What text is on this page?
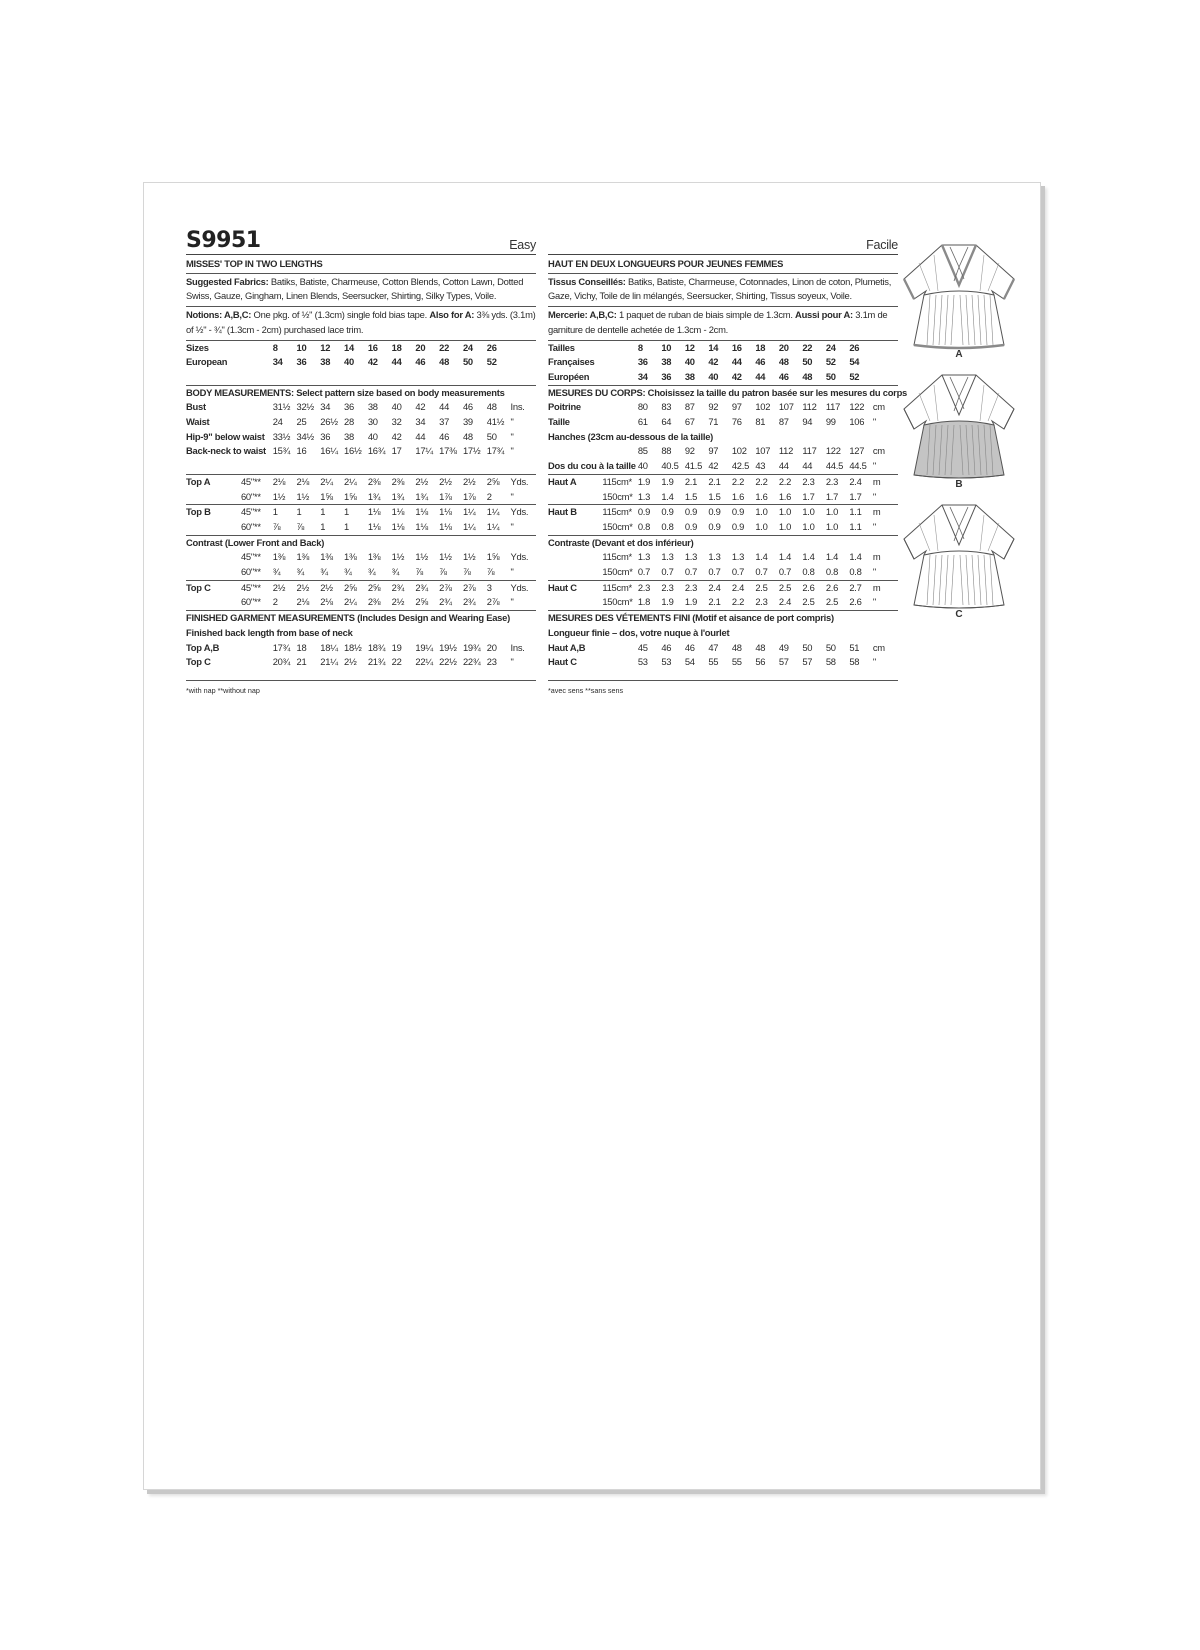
S9951	Easy
MISSES' TOP IN TWO LENGTHS
Suggested Fabrics: Batiks, Batiste, Charmeuse, Cotton Blends, Cotton Lawn, Dotted Swiss, Gauze, Gingham, Linen Blends, Seersucker, Shirting, Silky Types, Voile.
Notions: A,B,C: One pkg. of ½" (1.3cm) single fold bias tape. Also for A: 3⅜ yds. (3.1m) of ½" - ¾" (1.3cm - 2cm) purchased lace trim.
Sizes		8	10	12	14	16	18	20	22	24	26	
European		34	36	38	40	42	44	46	48	50	52	

BODY MEASUREMENTS: Select pattern size based on body measurements												
Bust		31½	32½	34	36	38	40	42	44	46	48	Ins.
Waist		24	25	26½	28	30	32	34	37	39	41½	"
Hip-9" below waist		33½	34½	36	38	40	42	44	46	48	50	"
Back-neck to waist		15¾	16	16¼	16½	16¾	17	17¼	17⅜	17½	17¾	"

Top A	45"**	2⅛	2⅛	2¼	2¼	2⅜	2⅜	2½	2½	2½	2⅝	Yds.
	60"**	1½	1½	1⅝	1⅝	1¾	1¾	1¾	1⅞	1⅞	2	"
Top B	45"**	1	1	1	1	1⅛	1⅛	1⅛	1⅛	1¼	1¼	Yds.
	60"**	⅞	⅞	1	1	1⅛	1⅛	1⅛	1⅛	1¼	1¼	"
Contrast (Lower Front and Back)												
	45"**	1⅜	1⅜	1⅜	1⅜	1⅜	1½	1½	1½	1½	1⅝	Yds.
	60"**	¾	¾	¾	¾	¾	¾	⅞	⅞	⅞	⅞	"
Top C	45"**	2½	2½	2½	2⅝	2⅝	2¾	2¾	2⅞	2⅞	3	Yds.
	60"**	2	2⅛	2⅛	2¼	2⅜	2½	2⅝	2¾	2¾	2⅞	"
FINISHED GARMENT MEASUREMENTS (Includes Design and Wearing Ease)												
Finished back length from base of neck												
Top A,B		17¾	18	18¼	18½	18¾	19	19¼	19½	19¾	20	Ins.
Top C		20¾	21	21¼	2½	21¾	22	22¼	22½	22¾	23	"
*with nap **without nap
Facile
HAUT EN DEUX LONGUEURS POUR JEUNES FEMMES
Tissus Conseillés: Batiks, Batiste, Charmeuse, Cotonnades, Linon de coton, Plumetis, Gaze, Vichy, Toile de lin mélangés, Seersucker, Shirting, Tissus soyeux, Voile.
Mercerie: A,B,C: 1 paquet de ruban de biais simple de 1.3cm. Aussi pour A: 3.1m de garniture de dentelle achetée de 1.3cm - 2cm.
Tailles		8	10	12	14	16	18	20	22	24	26	
Françaises		36	38	40	42	44	46	48	50	52	54	
Européen		34	36	38	40	42	44	46	48	50	52	
MESURES DU CORPS: Choisissez la taille du patron basée sur les mesures du corps												
Poitrine		80	83	87	92	97	102	107	112	117	122	cm
Taille		61	64	67	71	76	81	87	94	99	106	"
Hanches (23cm au-dessous de la taille)												
		85	88	92	97	102	107	112	117	122	127	cm
Dos du cou à la taille		40	40.5	41.5	42	42.5	43	44	44	44.5	44.5	"
Haut A	115cm*	1.9	1.9	2.1	2.1	2.2	2.2	2.2	2.3	2.3	2.4	m
	150cm*	1.3	1.4	1.5	1.5	1.6	1.6	1.6	1.7	1.7	1.7	"
Haut B	115cm*	0.9	0.9	0.9	0.9	0.9	1.0	1.0	1.0	1.0	1.1	m
	150cm*	0.8	0.8	0.9	0.9	0.9	1.0	1.0	1.0	1.0	1.1	"
Contraste (Devant et dos inférieur)												
	115cm*	1.3	1.3	1.3	1.3	1.3	1.4	1.4	1.4	1.4	1.4	m
	150cm*	0.7	0.7	0.7	0.7	0.7	0.7	0.7	0.8	0.8	0.8	"
Haut C	115cm*	2.3	2.3	2.3	2.4	2.4	2.5	2.5	2.6	2.6	2.7	m
	150cm*	1.8	1.9	1.9	2.1	2.2	2.3	2.4	2.5	2.5	2.6	"
MESURES DES VÉTEMENTS FINI (Motif et aisance de port compris)												
Longueur finie – dos, votre nuque à l'ourlet												
Haut A,B		45	46	46	47	48	48	49	50	50	51	cm
Haut C		53	53	54	55	55	56	57	57	58	58	"
*avec sens **sans sens
A
B
C
